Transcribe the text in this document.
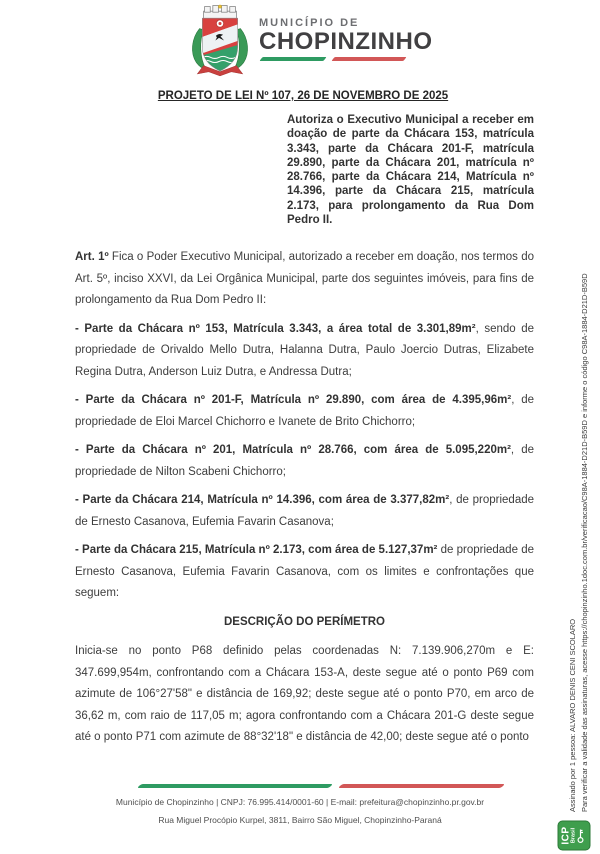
MUNICÍPIO DE
CHOPINZINHO
PROJETO DE LEI Nº 107, 26 DE NOVEMBRO DE 2025

Autoriza o Executivo Municipal a receber em doação de parte da Chácara 153, matrícula 3.343, parte da Chácara 201-F, matrícula 29.890, parte da Chácara 201, matrícula nº 28.766, parte da Chácara 214, Matrícula nº 14.396, parte da Chácara 215, matrícula 2.173, para prolongamento da Rua Dom Pedro II.

Art. 1º Fica o Poder Executivo Municipal, autorizado a receber em doação, nos termos do Art. 5º, inciso XXVI, da Lei Orgânica Municipal, parte dos seguintes imóveis, para fins de prolongamento da Rua Dom Pedro II:

- Parte da Chácara nº 153, Matrícula 3.343, a área total de 3.301,89m², sendo de propriedade de Orivaldo Mello Dutra, Halanna Dutra, Paulo Joercio Dutras, Elizabete Regina Dutra, Anderson Luiz Dutra, e Andressa Dutra;

- Parte da Chácara nº 201-F, Matrícula nº 29.890, com área de 4.395,96m², de propriedade de Eloi Marcel Chichorro e Ivanete de Brito Chichorro;

- Parte da Chácara nº 201, Matrícula nº 28.766, com área de 5.095,220m², de propriedade de Nilton Scabeni Chichorro;

- Parte da Chácara 214, Matrícula nº 14.396, com área de 3.377,82m², de propriedade de Ernesto Casanova, Eufemia Favarin Casanova;

- Parte da Chácara 215, Matrícula nº 2.173, com área de 5.127,37m² de propriedade de Ernesto Casanova, Eufemia Favarin Casanova, com os limites e confrontações que seguem:

DESCRIÇÃO DO PERÍMETRO

Inicia-se no ponto P68 definido pelas coordenadas N: 7.139.906,270m e E: 347.699,954m, confrontando com a Chácara 153-A, deste segue até o ponto P69 com azimute de 106°27'58" e distância de 169,92; deste segue até o ponto P70, em arco de 36,62 m, com raio de 117,05 m; agora confrontando com a Chácara 201-G deste segue até o ponto P71 com azimute de 88°32'18" e distância de 42,00; deste segue até o ponto

Município de Chopinzinho | CNPJ: 76.995.414/0001-60 | E-mail: prefeitura@chopinzinho.pr.gov.br
Rua Miguel Procópio Kurpel, 3811, Bairro São Miguel, Chopinzinho-Paraná
Assinado por 1 pessoa: ALVARO DENIS CENI SCOLARO Para verificar a validade das assinaturas, acesse https://chopinzinho.1doc.com.br/verificacao/C98A-1884-D21D-B59D e informe o código C98A-1884-D21D-B59D
ICP Brasil
